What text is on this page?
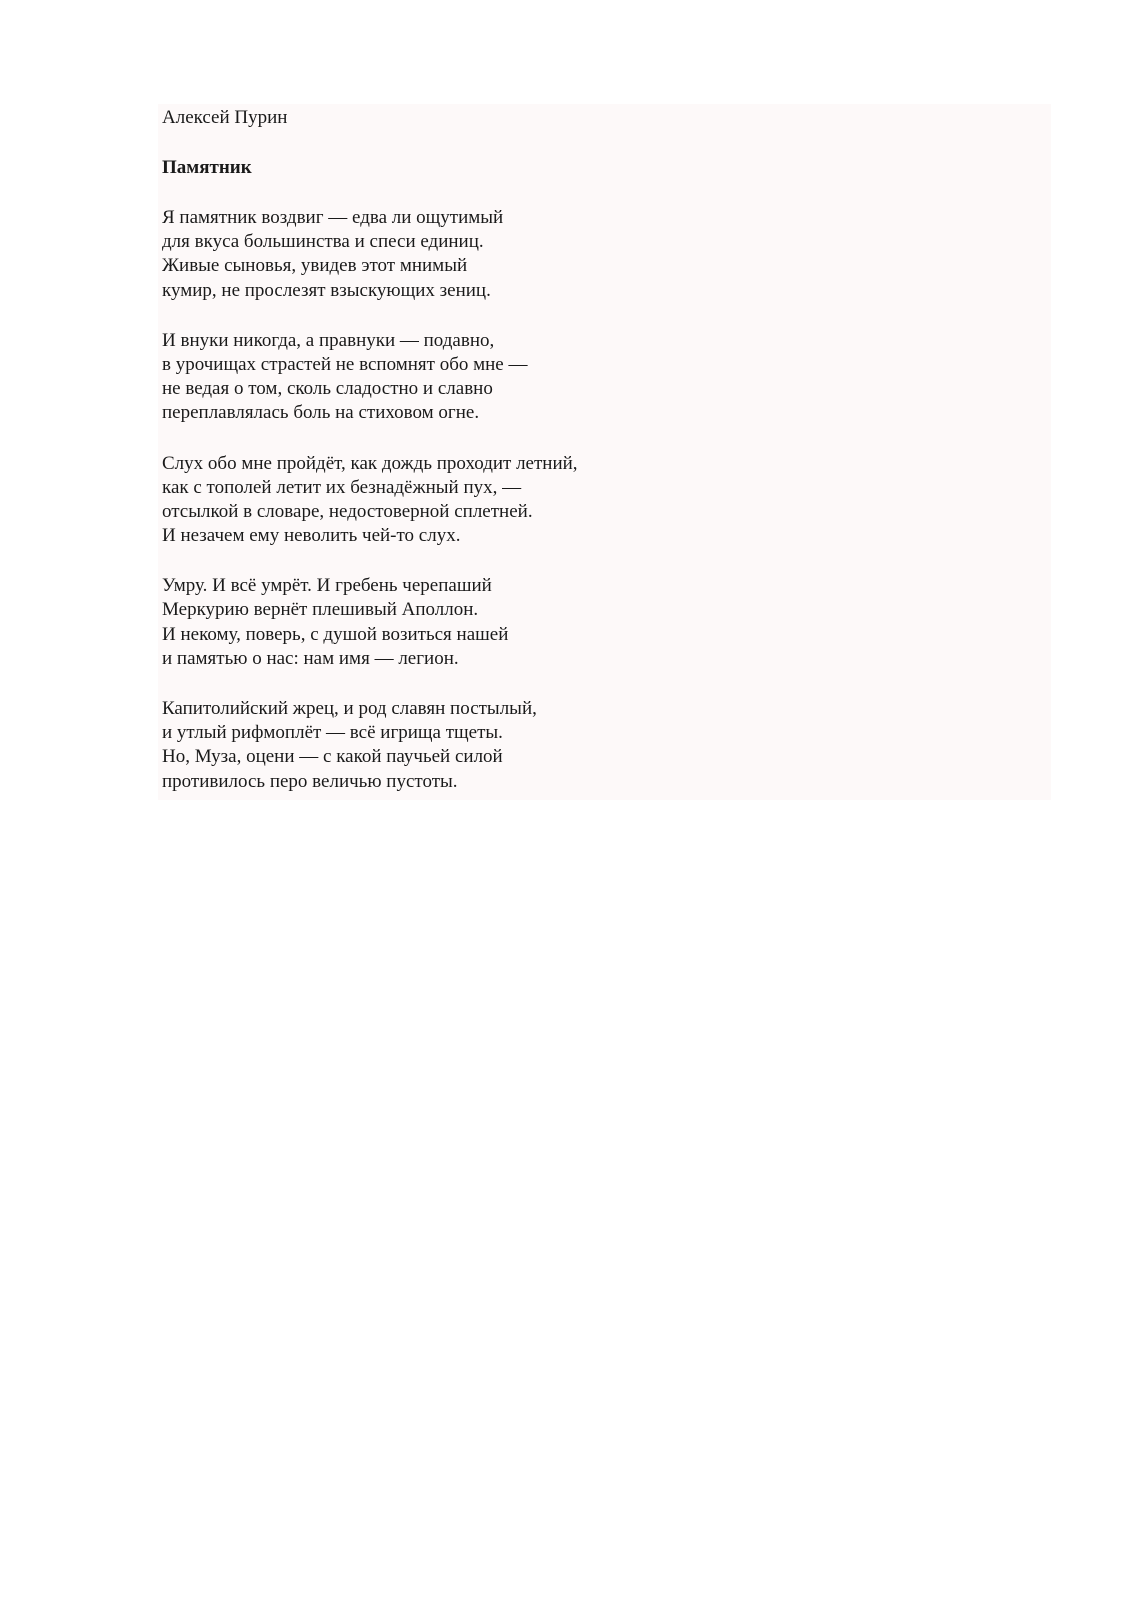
Алексей Пурин

Памятник

Я памятник воздвиг — едва ли ощутимый
для вкуса большинства и спеси единиц.
Живые сыновья, увидев этот мнимый
кумир, не прослезят взыскующих зениц.
И внуки никогда, а правнуки — подавно,
в урочищах страстей не вспомнят обо мне —
не ведая о том, сколь сладостно и славно
переплавлялась боль на стиховом огне.
Слух обо мне пройдёт, как дождь проходит летний,
как с тополей летит их безнадёжный пух, —
отсылкой в словаре, недостоверной сплетней.
И незачем ему неволить чей-то слух.
Умру. И всё умрёт. И гребень черепаший
Меркурию вернёт плешивый Аполлон.
И некому, поверь, с душой возиться нашей
и памятью о нас: нам имя — легион.
Капитолийский жрец, и род славян постылый,
и утлый рифмоплёт — всё игрища тщеты.
Но, Муза, оцени — с какой паучьей силой
противилось перо величью пустоты.
